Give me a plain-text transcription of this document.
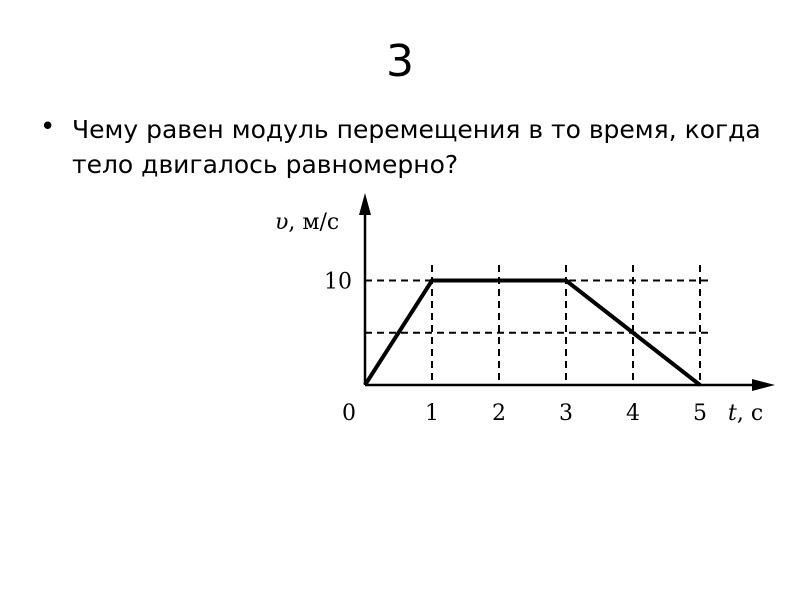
3
• Чему равен модуль перемещения в то время, когда тело двигалось равномерно?
0	1 2 3 4 5
10
υ, м/с
t, с
